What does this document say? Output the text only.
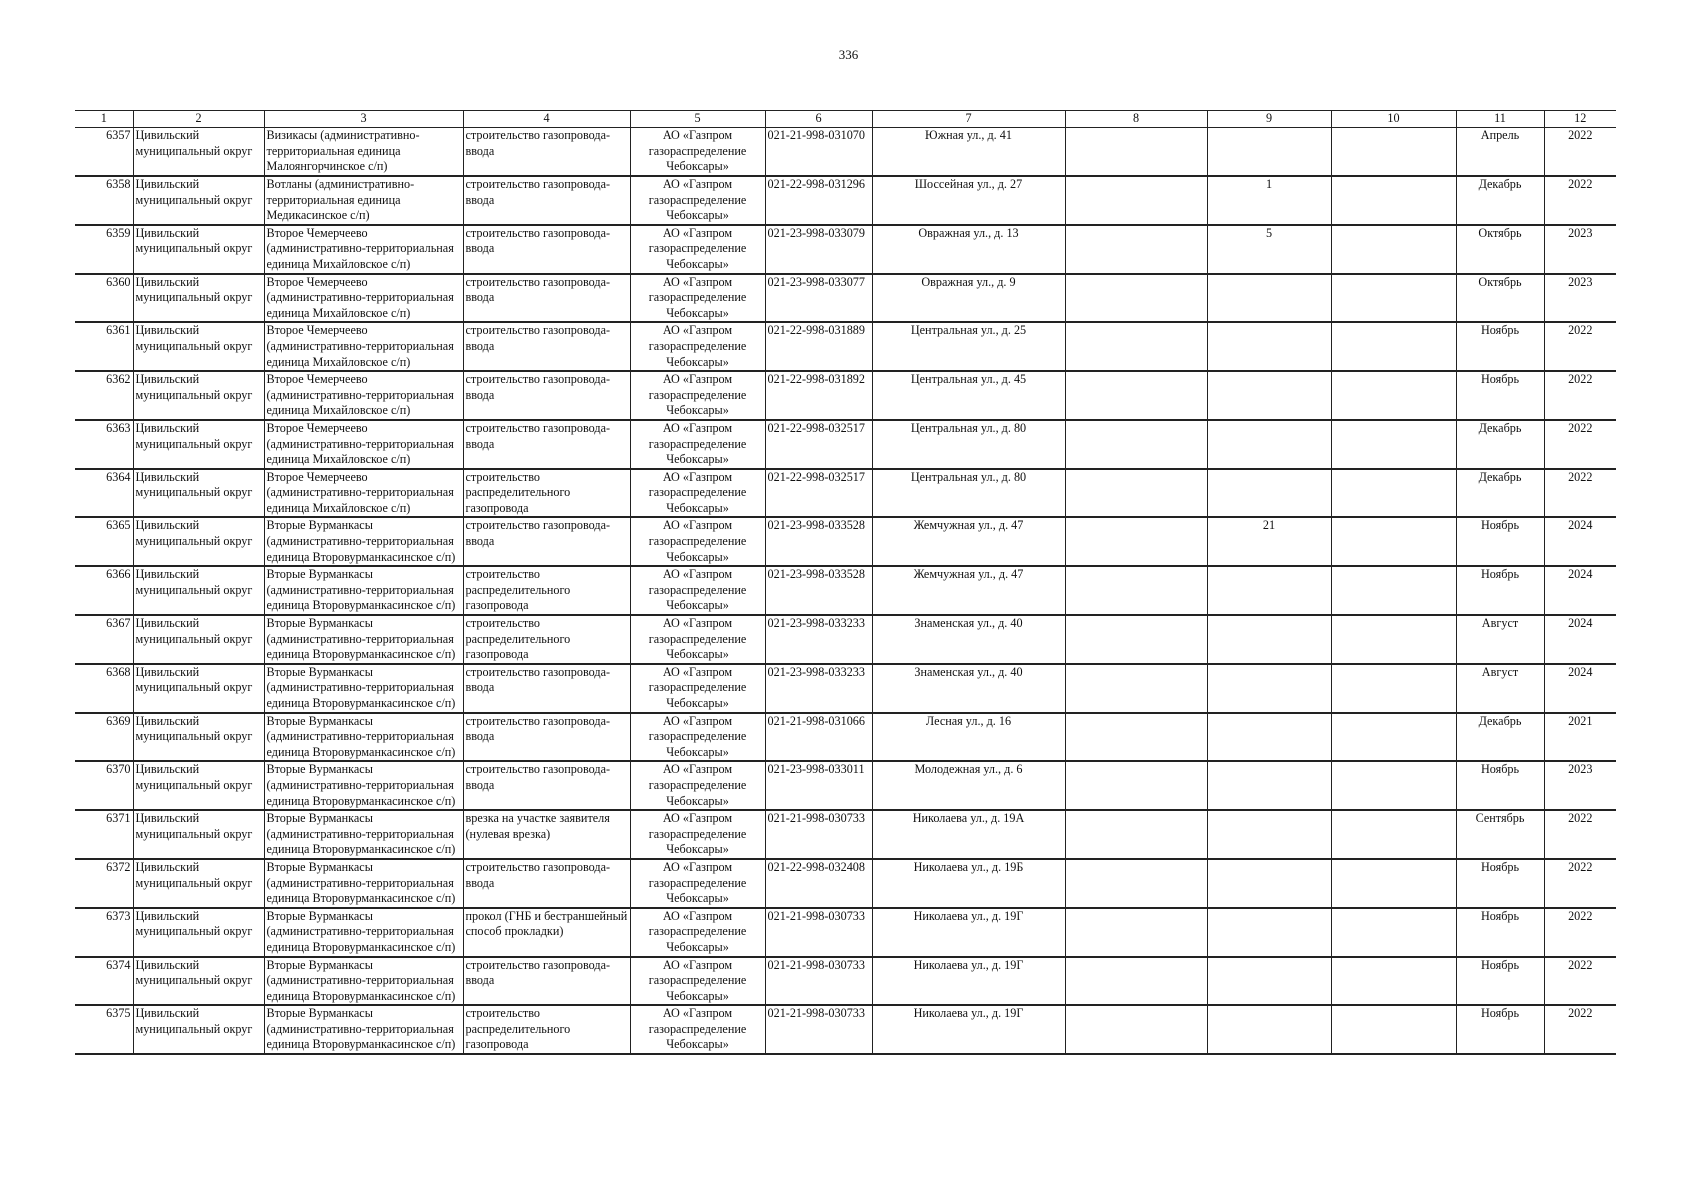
336
1	2	3	4	5	6	7	8	9	10	11	12
6357	Цивильский муниципальный округ	Визикасы (административно-территориальная единица Малоянгорчинское с/п)	строительство газопровода-ввода	АО «Газпром газораспределение Чебоксары»	021-21-998-031070	Южная ул., д. 41				Апрель	2022
6358	Цивильский муниципальный округ	Вотланы (административно-территориальная единица Медикасинское с/п)	строительство газопровода-ввода	АО «Газпром газораспределение Чебоксары»	021-22-998-031296	Шоссейная ул., д. 27		1		Декабрь	2022
6359	Цивильский муниципальный округ	Второе Чемерчеево (административно-территориальная единица Михайловское с/п)	строительство газопровода-ввода	АО «Газпром газораспределение Чебоксары»	021-23-998-033079	Овражная ул., д. 13		5		Октябрь	2023
6360	Цивильский муниципальный округ	Второе Чемерчеево (административно-территориальная единица Михайловское с/п)	строительство газопровода-ввода	АО «Газпром газораспределение Чебоксары»	021-23-998-033077	Овражная ул., д. 9				Октябрь	2023
6361	Цивильский муниципальный округ	Второе Чемерчеево (административно-территориальная единица Михайловское с/п)	строительство газопровода-ввода	АО «Газпром газораспределение Чебоксары»	021-22-998-031889	Центральная ул., д. 25				Ноябрь	2022
6362	Цивильский муниципальный округ	Второе Чемерчеево (административно-территориальная единица Михайловское с/п)	строительство газопровода-ввода	АО «Газпром газораспределение Чебоксары»	021-22-998-031892	Центральная ул., д. 45				Ноябрь	2022
6363	Цивильский муниципальный округ	Второе Чемерчеево (административно-территориальная единица Михайловское с/п)	строительство газопровода-ввода	АО «Газпром газораспределение Чебоксары»	021-22-998-032517	Центральная ул., д. 80				Декабрь	2022
6364	Цивильский муниципальный округ	Второе Чемерчеево (административно-территориальная единица Михайловское с/п)	строительство распределительного газопровода	АО «Газпром газораспределение Чебоксары»	021-22-998-032517	Центральная ул., д. 80				Декабрь	2022
6365	Цивильский муниципальный округ	Вторые Вурманкасы (административно-территориальная единица Второвурманкасинское с/п)	строительство газопровода-ввода	АО «Газпром газораспределение Чебоксары»	021-23-998-033528	Жемчужная ул., д. 47		21		Ноябрь	2024
6366	Цивильский муниципальный округ	Вторые Вурманкасы (административно-территориальная единица Второвурманкасинское с/п)	строительство распределительного газопровода	АО «Газпром газораспределение Чебоксары»	021-23-998-033528	Жемчужная ул., д. 47				Ноябрь	2024
6367	Цивильский муниципальный округ	Вторые Вурманкасы (административно-территориальная единица Второвурманкасинское с/п)	строительство распределительного газопровода	АО «Газпром газораспределение Чебоксары»	021-23-998-033233	Знаменская ул., д. 40				Август	2024
6368	Цивильский муниципальный округ	Вторые Вурманкасы (административно-территориальная единица Второвурманкасинское с/п)	строительство газопровода-ввода	АО «Газпром газораспределение Чебоксары»	021-23-998-033233	Знаменская ул., д. 40				Август	2024
6369	Цивильский муниципальный округ	Вторые Вурманкасы (административно-территориальная единица Второвурманкасинское с/п)	строительство газопровода-ввода	АО «Газпром газораспределение Чебоксары»	021-21-998-031066	Лесная ул., д. 16				Декабрь	2021
6370	Цивильский муниципальный округ	Вторые Вурманкасы (административно-территориальная единица Второвурманкасинское с/п)	строительство газопровода-ввода	АО «Газпром газораспределение Чебоксары»	021-23-998-033011	Молодежная ул., д. 6				Ноябрь	2023
6371	Цивильский муниципальный округ	Вторые Вурманкасы (административно-территориальная единица Второвурманкасинское с/п)	врезка на участке заявителя (нулевая врезка)	АО «Газпром газораспределение Чебоксары»	021-21-998-030733	Николаева ул., д. 19А				Сентябрь	2022
6372	Цивильский муниципальный округ	Вторые Вурманкасы (административно-территориальная единица Второвурманкасинское с/п)	строительство газопровода-ввода	АО «Газпром газораспределение Чебоксары»	021-22-998-032408	Николаева ул., д. 19Б				Ноябрь	2022
6373	Цивильский муниципальный округ	Вторые Вурманкасы (административно-территориальная единица Второвурманкасинское с/п)	прокол (ГНБ и бестраншейный способ прокладки)	АО «Газпром газораспределение Чебоксары»	021-21-998-030733	Николаева ул., д. 19Г				Ноябрь	2022
6374	Цивильский муниципальный округ	Вторые Вурманкасы (административно-территориальная единица Второвурманкасинское с/п)	строительство газопровода-ввода	АО «Газпром газораспределение Чебоксары»	021-21-998-030733	Николаева ул., д. 19Г				Ноябрь	2022
6375	Цивильский муниципальный округ	Вторые Вурманкасы (административно-территориальная единица Второвурманкасинское с/п)	строительство распределительного газопровода	АО «Газпром газораспределение Чебоксары»	021-21-998-030733	Николаева ул., д. 19Г				Ноябрь	2022
